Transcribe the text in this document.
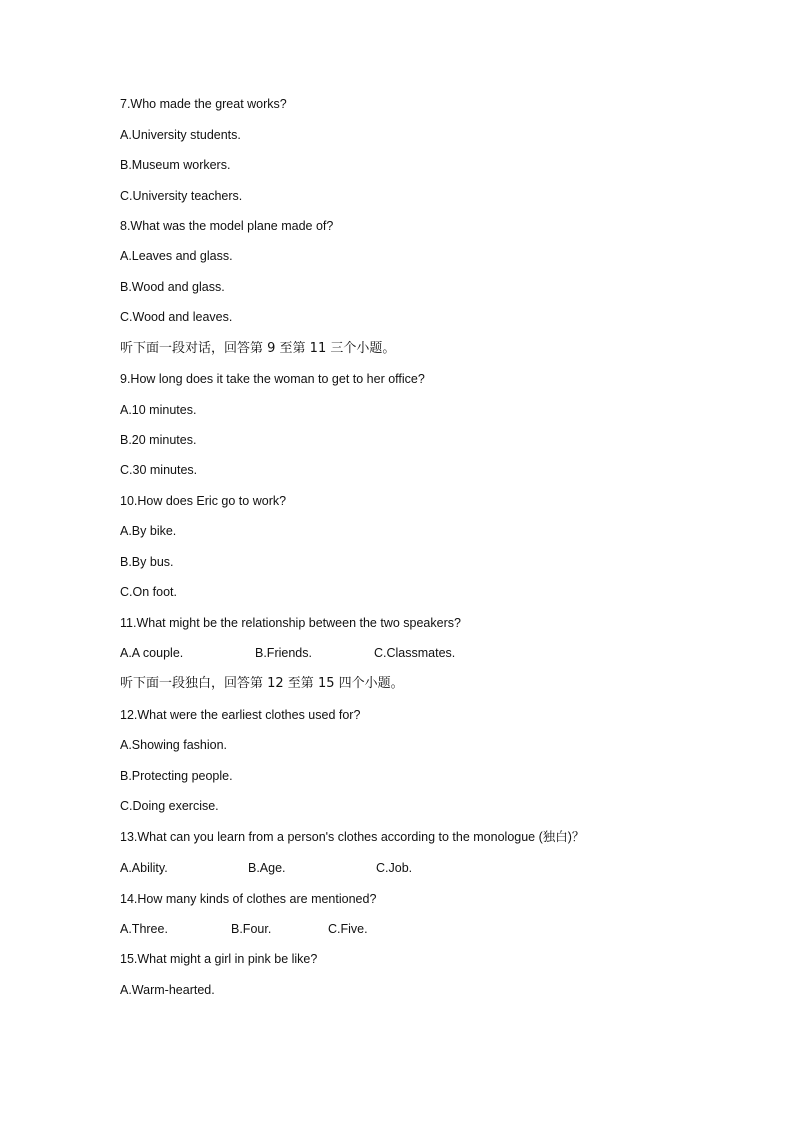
7.Who made the great works?
A.University students.
B.Museum workers.
C.University teachers.
8.What was the model plane made of?
A.Leaves and glass.
B.Wood and glass.
C.Wood and leaves.
听下面一段对话，回答第 9 至第 11 三个小题。
9.How long does it take the woman to get to her office?
A.10 minutes.
B.20 minutes.
C.30 minutes.
10.How does Eric go to work?
A.By bike.
B.By bus.
C.On foot.
11.What might be the relationship between the two speakers?
A.A couple.	B.Friends.	C.Classmates.
听下面一段独白，回答第 12 至第 15 四个小题。
12.What were the earliest clothes used for?
A.Showing fashion.
B.Protecting people.
C.Doing exercise.
13.What can you learn from a person's clothes according to the monologue (独白)？
A.Ability.	B.Age.	C.Job.
14.How many kinds of clothes are mentioned?
A.Three.	B.Four.	C.Five.
15.What might a girl in pink be like?
A.Warm-hearted.
